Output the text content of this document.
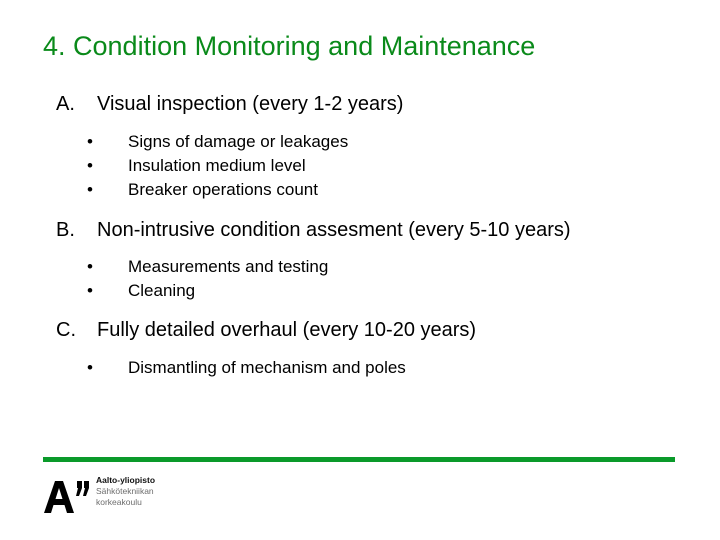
4. Condition Monitoring and Maintenance
A.	Visual inspection (every 1-2 years)
•	Signs of damage or leakages
•	Insulation medium level
•	Breaker operations count
B.	Non-intrusive condition assesment (every 5-10 years)
•	Measurements and testing
•	Cleaning
C.	Fully detailed overhaul (every 10-20 years)
•	Dismantling of mechanism and poles
Aalto-yliopisto
Sähkötekniikan
korkeakoulu
